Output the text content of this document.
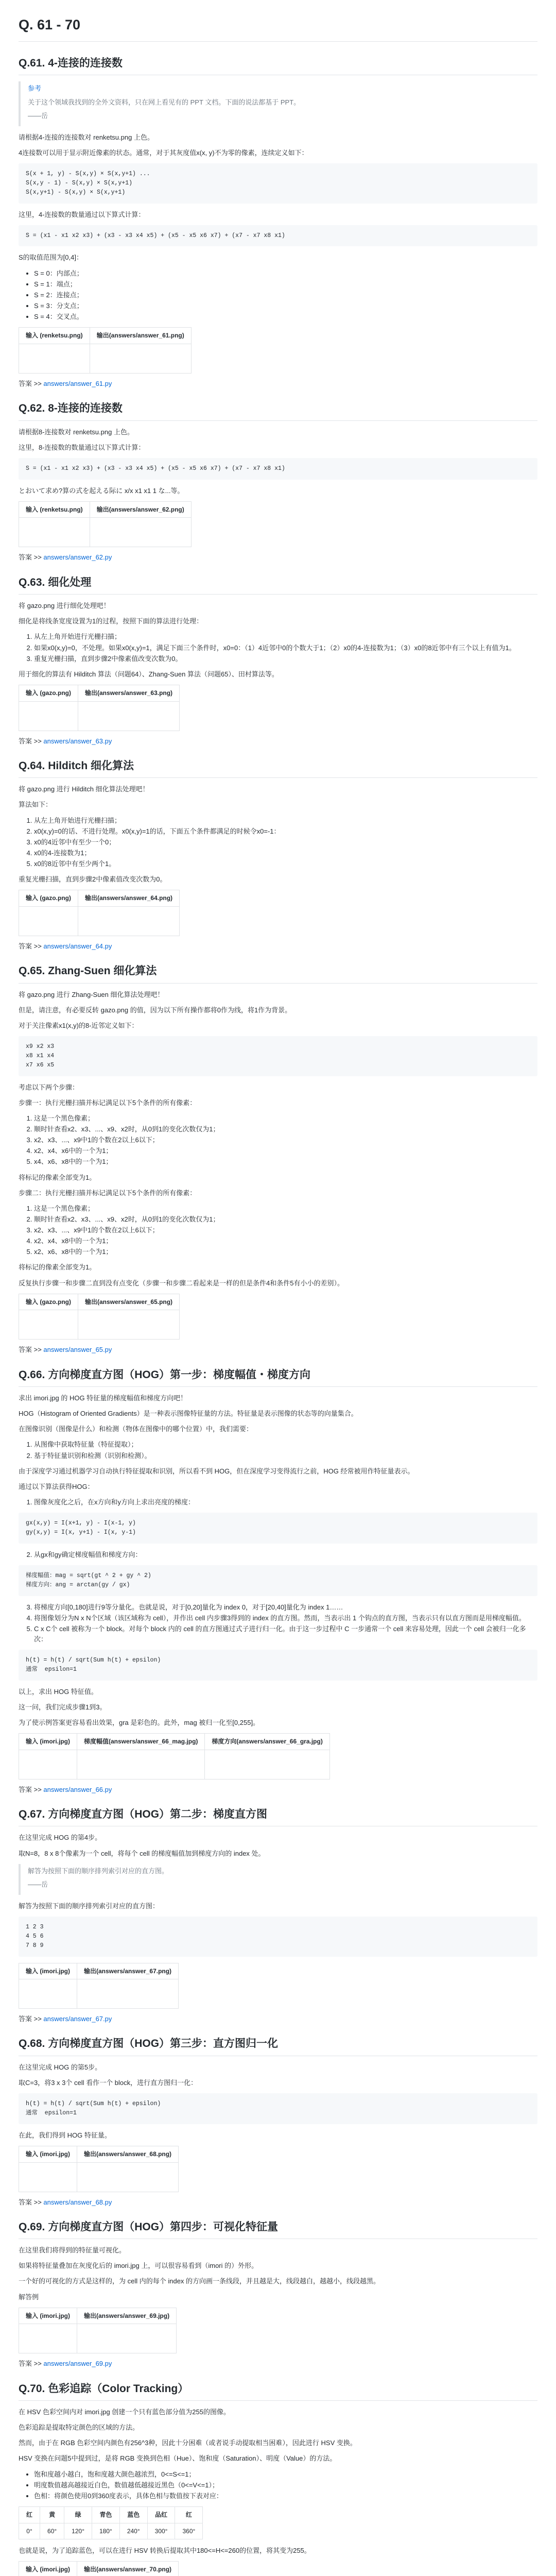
Q. 61 - 70
Q.61. 4-连接的连接数

参考

关于这个领域我找到的全外文资料，只在网上看见有的 PPT 文档。下面的说法都基于 PPT。

——岳

请根据4-连接的连接数对 renketsu.png 上色。

4连接数可以用于显示附近像素的状态。通常，对于其灰度值x(x, y)不为零的像素，连续定义如下：

S(x + 1, y) - S(x,y) × S(x,y+1) ...
S(x,y - 1) - S(x,y) × S(x,y+1)
S(x,y+1) - S(x,y) × S(x,y+1)

这里，4-连接数的数量通过以下算式计算：

S = (x1 - x1 x2 x3) + (x3 - x3 x4 x5) + (x5 - x5 x6 x7) + (x7 - x7 x8 x1)

S的取值范围为[0,4]：

• S = 0：内部点；
• S = 1：端点；
• S = 2：连接点；
• S = 3：分支点；
• S = 4：交叉点。
输入 (renketsu.png)	输出(answers/answer_61.png)

答案 >> answers/answer_61.py

Q.62. 8-连接的连接数

请根据8-连接数对 renketsu.png 上色。

这里，8-连接数的数量通过以下算式计算：

S = (x1 - x1 x2 x3) + (x3 - x3 x4 x5) + (x5 - x5 x6 x7) + (x7 - x7 x8 x1)

とおいて求め?算の式を起える际に x/x x1 x1 1 な...等。

输入 (renketsu.png)	输出(answers/answer_62.png)

答案 >> answers/answer_62.py

Q.63. 细化处理

将 gazo.png 进行细化处理吧！

细化是将线条宽度设置为1的过程，按照下面的算法进行处理：

1. 从左上角开始进行光栅扫描；
2. 如果x0(x,y)=0，不处理。如果x0(x,y)=1，满足下面三个条件时，x0=0：（1）4近邻中0的个数大于1；（2）x0的4-连接数为1；（3）x0的8近邻中有三个以上有值为1。
3. 重复光栅扫描，直到步骤2中像素值改变次数为0。

用于细化的算法有 Hilditch 算法（问题64）、Zhang-Suen 算法（问题65）、田村算法等。

输入 (gazo.png)	输出(answers/answer_63.png)

答案 >> answers/answer_63.py

Q.64. Hilditch 细化算法

将 gazo.png 进行 Hilditch 细化算法处理吧！

算法如下：

1. 从左上角开始进行光栅扫描；
2. x0(x,y)=0的话、不进行处理。x0(x,y)=1的话，下面五个条件都满足的时候令x0=-1：
3. x0的4近邻中有至少一个0；
4. x0的4-连接数为1；
5. x0的8近邻中有至少两个1。

重复光栅扫描，直到步骤2中像素值改变次数为0。

输入 (gazo.png)	输出(answers/answer_64.png)

答案 >> answers/answer_64.py

Q.65. Zhang-Suen 细化算法

将 gazo.png 进行 Zhang-Suen 细化算法处理吧！

但是，请注意，有必要反转 gazo.png 的值，因为以下所有操作都将0作为线，将1作为背景。

对于关注像素x1(x,y)的8-近邻定义如下：

x9 x2 x3
x8 x1 x4
x7 x6 x5

考虑以下两个步骤：

步骤一：执行光栅扫描并标记满足以下5个条件的所有像素：

1. 这是一个黑色像素；
2. 顺时针查看x2、x3、...、x9、x2时，从0到1的变化次数仅为1；
3. x2、x3、...、x9中1的个数在2以上6以下；
4. x2、x4、x6中的一个为1；
5. x4、x6、x8中的一个为1；

将标记的像素全部变为1。

步骤二：执行光栅扫描并标记满足以下5个条件的所有像素：

1. 这是一个黑色像素；
2. 顺时针查看x2、x3、...、x9、x2时，从0到1的变化次数仅为1；
3. x2、x3、...、x9中1的个数在2以上6以下；
4. x2、x4、x8中的一个为1；
5. x2、x6、x8中的一个为1；

将标记的像素全部变为1。

反复执行步骤一和步骤二直到没有点变化（步骤一和步骤二看起来是一样的但是条件4和条件5有小小的差别）。

输入 (gazo.png)	输出(answers/answer_65.png)

答案 >> answers/answer_65.py

Q.66. 方向梯度直方图（HOG）第一步：梯度幅值・梯度方向

求出 imori.jpg 的 HOG 特征量的梯度幅值和梯度方向吧！

HOG（Histogram of Oriented Gradients）是一种表示图像特征量的方法。特征量是表示图像的状态等的向量集合。

在图像识别（图像是什么）和检测（物体在图像中的哪个位置）中，我们需要：

1. 从图像中获取特征量（特征提取）；
2. 基于特征量识别和检测（识别和检测）。

由于深度学习通过机器学习自动执行特征提取和识别，所以看不到 HOG，但在深度学习变得流行之前，HOG 经常被用作特征量表示。

通过以下算法获得HOG：

1. 图像灰度化之后，在x方向和y方向上求出亮度的梯度：
gx(x,y) = I(x+1, y) - I(x-1, y)
gy(x,y) = I(x, y+1) - I(x, y-1)
2. 从gx和gy确定梯度幅值和梯度方向：
梯度幅值：mag = sqrt(gt ^ 2 + gy ^ 2)
梯度方向：ang = arctan(gy / gx)
3. 将梯度方向[0,180]进行9等分量化。也就是说，对于[0,20]量化为 index 0，对于[20,40]量化为 index 1……
4. 将图像划分为N x N个区域（该区域称为 cell），并作出 cell 内步骤3得到的 index 的直方图。然而，当表示出 1 个钩点的直方图，当表示只有以直方图而是用梯度幅值。
5. C x C个 cell 被称为一个 block。对每个 block 内的 cell 的直方图通过式子进行归一化。由于这一步过程中 C 一步通常一个 cell 来容易处理，因此一个 cell 会被归一化多次：
h(t) = h(t) / sqrt(Sum h(t) + epsilon)
通常  epsilon=1

以上，求出 HOG 特征值。

这一问，我们完成步骤1到3。

为了使示例答案更容易看出效果，gra 是彩色的。此外，mag 被归一化至[0,255]。

输入 (imori.jpg)	梯度幅值(answers/answer_66_mag.jpg)	梯度方向(answers/answer_66_gra.jpg)

答案 >> answers/answer_66.py

Q.67. 方向梯度直方图（HOG）第二步：梯度直方图

在这里完成 HOG 的第4步。

取N=8，8 x 8个像素为一个 cell，将每个 cell 的梯度幅值加到梯度方向的 index 处。

解答为按照下面的顺序排列索引对应的直方图。

——岳

解答为按照下面的顺序排列索引对应的直方图：

1 2 3
4 5 6
7 8 9
输入 (imori.jpg)	输出(answers/answer_67.png)

答案 >> answers/answer_67.py

Q.68. 方向梯度直方图（HOG）第三步：直方图归一化

在这里完成 HOG 的第5步。

取C=3，将3 x 3个 cell 看作一个 block，进行直方图归一化：

h(t) = h(t) / sqrt(Sum h(t) + epsilon)
通常  epsilon=1

在此，我们得到 HOG 特征量。

输入 (imori.jpg)	输出(answers/answer_68.png)

答案 >> answers/answer_68.py

Q.69. 方向梯度直方图（HOG）第四步：可视化特征量

在这里我们将得到的特征量可视化。

如果将特征量叠加在灰度化后的 imori.jpg 上，可以很容易看到（imori 的）外形。

一个好的可视化的方式是这样的，为 cell 内的每个 index 的方向画一条线段，并且越是大，线段越白，越越小，线段越黑。

解答例

输入 (imori.jpg)	输出(answers/answer_69.jpg)

答案 >> answers/answer_69.py

Q.70. 色彩追踪（Color Tracking）

在 HSV 色彩空间内对 imori.jpg 创建一个只有蓝色部分值为255的图像。

色彩追踪是提取特定颜色的区域的方法。

然而，由于在 RGB 色彩空间内颜色有256^3种，因此十分困难（或者说手动提取相当困难），因此进行 HSV 变换。

HSV 变换在问题5中提到过，是将 RGB 变换到色相（Hue）、饱和度（Saturation）、明度（Value）的方法。

• 饱和度越小越白，饱和度越大颜色越浓烈，0<=S<=1；
• 明度数值越高越接近白色，数值越低越接近黑色（0<=V<=1）；
• 色相：将颜色使用0到360度表示，具体色相与数值按下表对应：
红	黄	绿	青色	蓝色	品红	红
0°	60°	120°	180°	240°	300°	360°

也就是说，为了追踪蓝色，可以在进行 HSV 转换后提取其中180<=H<=260的位置，将其变为255。

输入 (imori.jpg)	输出(answers/answer_70.png)
